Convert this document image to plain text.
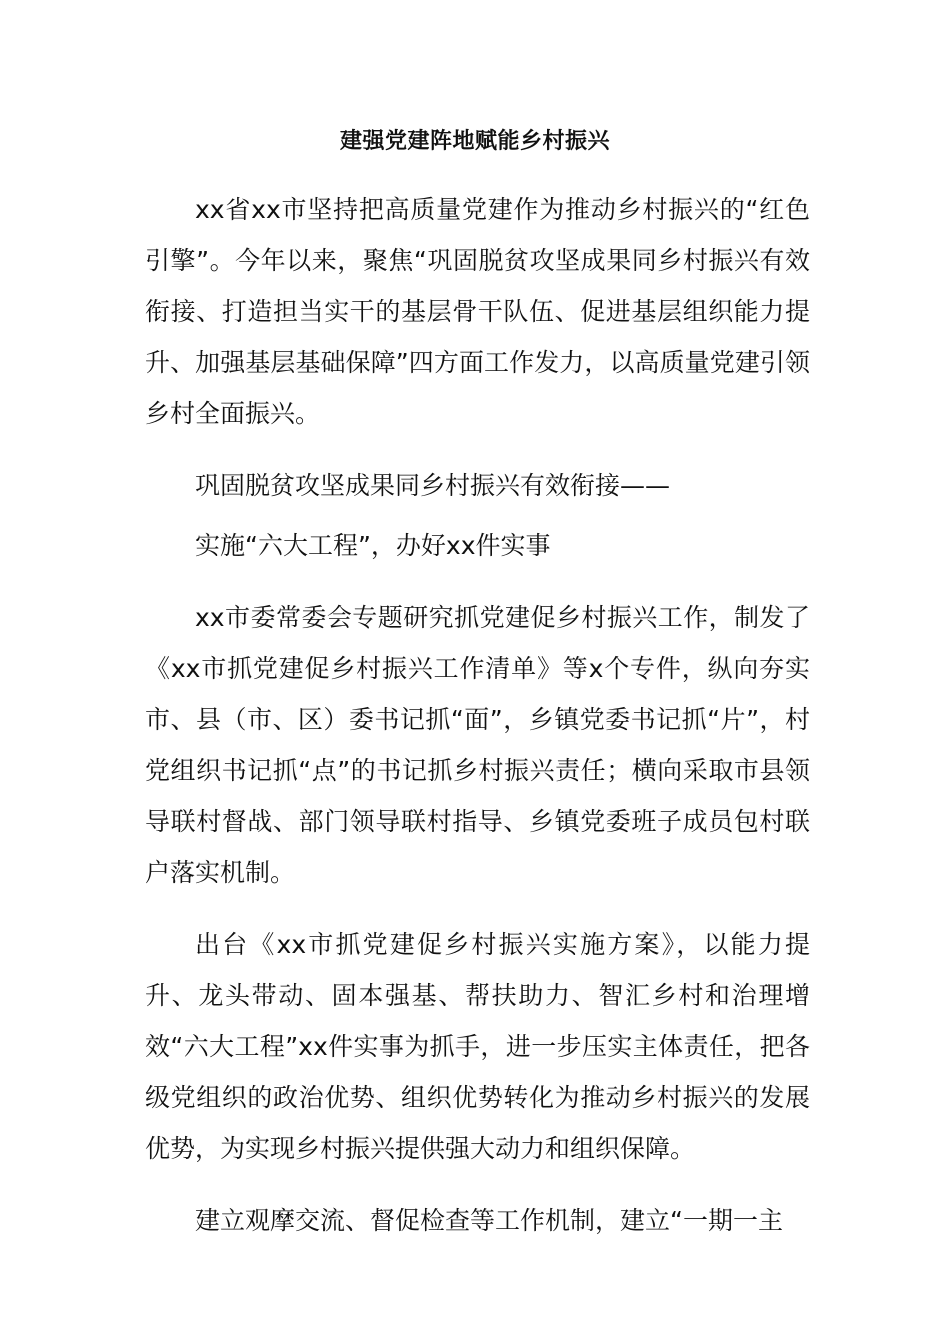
建强党建阵地赋能乡村振兴

xx省xx市坚持把高质量党建作为推动乡村振兴的“红色引擎”。今年以来，聚焦“巩固脱贫攻坚成果同乡村振兴有效衔接、打造担当实干的基层骨干队伍、促进基层组织能力提升、加强基层基础保障”四方面工作发力，以高质量党建引领乡村全面振兴。

巩固脱贫攻坚成果同乡村振兴有效衔接——

实施“六大工程”，办好xx件实事

xx市委常委会专题研究抓党建促乡村振兴工作，制发了《xx市抓党建促乡村振兴工作清单》等x个专件，纵向夯实市、县（市、区）委书记抓“面”，乡镇党委书记抓“片”，村党组织书记抓“点”的书记抓乡村振兴责任；横向采取市县领导联村督战、部门领导联村指导、乡镇党委班子成员包村联户落实机制。

出台《xx市抓党建促乡村振兴实施方案》，以能力提升、龙头带动、固本强基、帮扶助力、智汇乡村和治理增效“六大工程”xx件实事为抓手，进一步压实主体责任，把各级党组织的政治优势、组织优势转化为推动乡村振兴的发展优势，为实现乡村振兴提供强大动力和组织保障。

建立观摩交流、督促检查等工作机制，建立“一期一主
